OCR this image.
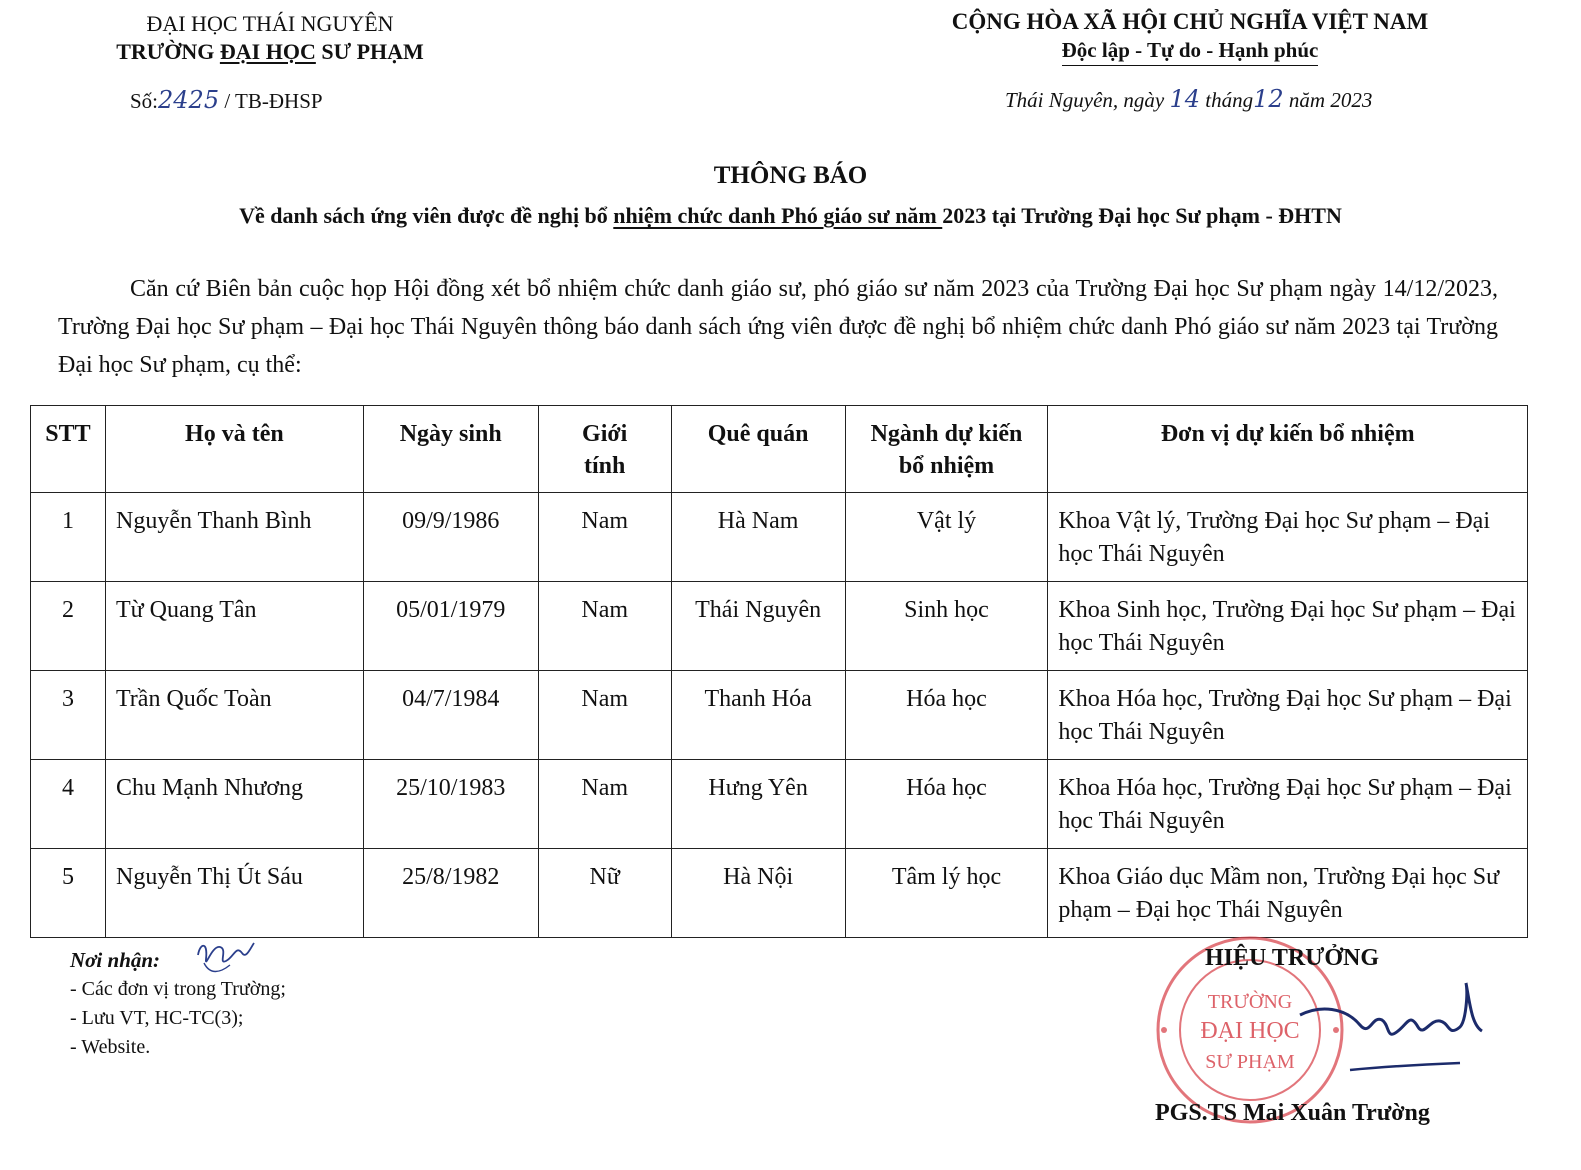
ĐẠI HỌC THÁI NGUYÊN
TRƯỜNG ĐẠI HỌC SƯ PHẠM
Số:2425 / TB-ĐHSP
CỘNG HÒA XÃ HỘI CHỦ NGHĨA VIỆT NAM
Độc lập - Tự do - Hạnh phúc
Thái Nguyên, ngày 14 tháng12 năm 2023
THÔNG BÁO
Về danh sách ứng viên được đề nghị bổ nhiệm chức danh Phó giáo sư năm 2023 tại Trường Đại học Sư phạm - ĐHTN
Căn cứ Biên bản cuộc họp Hội đồng xét bổ nhiệm chức danh giáo sư, phó giáo sư năm 2023 của Trường Đại học Sư phạm ngày 14/12/2023, Trường Đại học Sư phạm – Đại học Thái Nguyên thông báo danh sách ứng viên được đề nghị bổ nhiệm chức danh Phó giáo sư năm 2023 tại Trường Đại học Sư phạm, cụ thể:
STT	Họ và tên	Ngày sinh	Giới tính	Quê quán	Ngành dự kiến bổ nhiệm	Đơn vị dự kiến bổ nhiệm
1	Nguyễn Thanh Bình	09/9/1986	Nam	Hà Nam	Vật lý	Khoa Vật lý, Trường Đại học Sư phạm – Đại học Thái Nguyên
2	Từ Quang Tân	05/01/1979	Nam	Thái Nguyên	Sinh học	Khoa Sinh học, Trường Đại học Sư phạm – Đại học Thái Nguyên
3	Trần Quốc Toàn	04/7/1984	Nam	Thanh Hóa	Hóa học	Khoa Hóa học, Trường Đại học Sư phạm – Đại học Thái Nguyên
4	Chu Mạnh Nhương	25/10/1983	Nam	Hưng Yên	Hóa học	Khoa Hóa học, Trường Đại học Sư phạm – Đại học Thái Nguyên
5	Nguyễn Thị Út Sáu	25/8/1982	Nữ	Hà Nội	Tâm lý học	Khoa Giáo dục Mầm non, Trường Đại học Sư phạm – Đại học Thái Nguyên
Nơi nhận:
- Các đơn vị trong Trường;
- Lưu VT, HC-TC(3);
- Website.
TRƯỜNG
ĐẠI HỌC
SƯ PHẠM
HIỆU TRƯỞNG
PGS.TS Mai Xuân Trường
